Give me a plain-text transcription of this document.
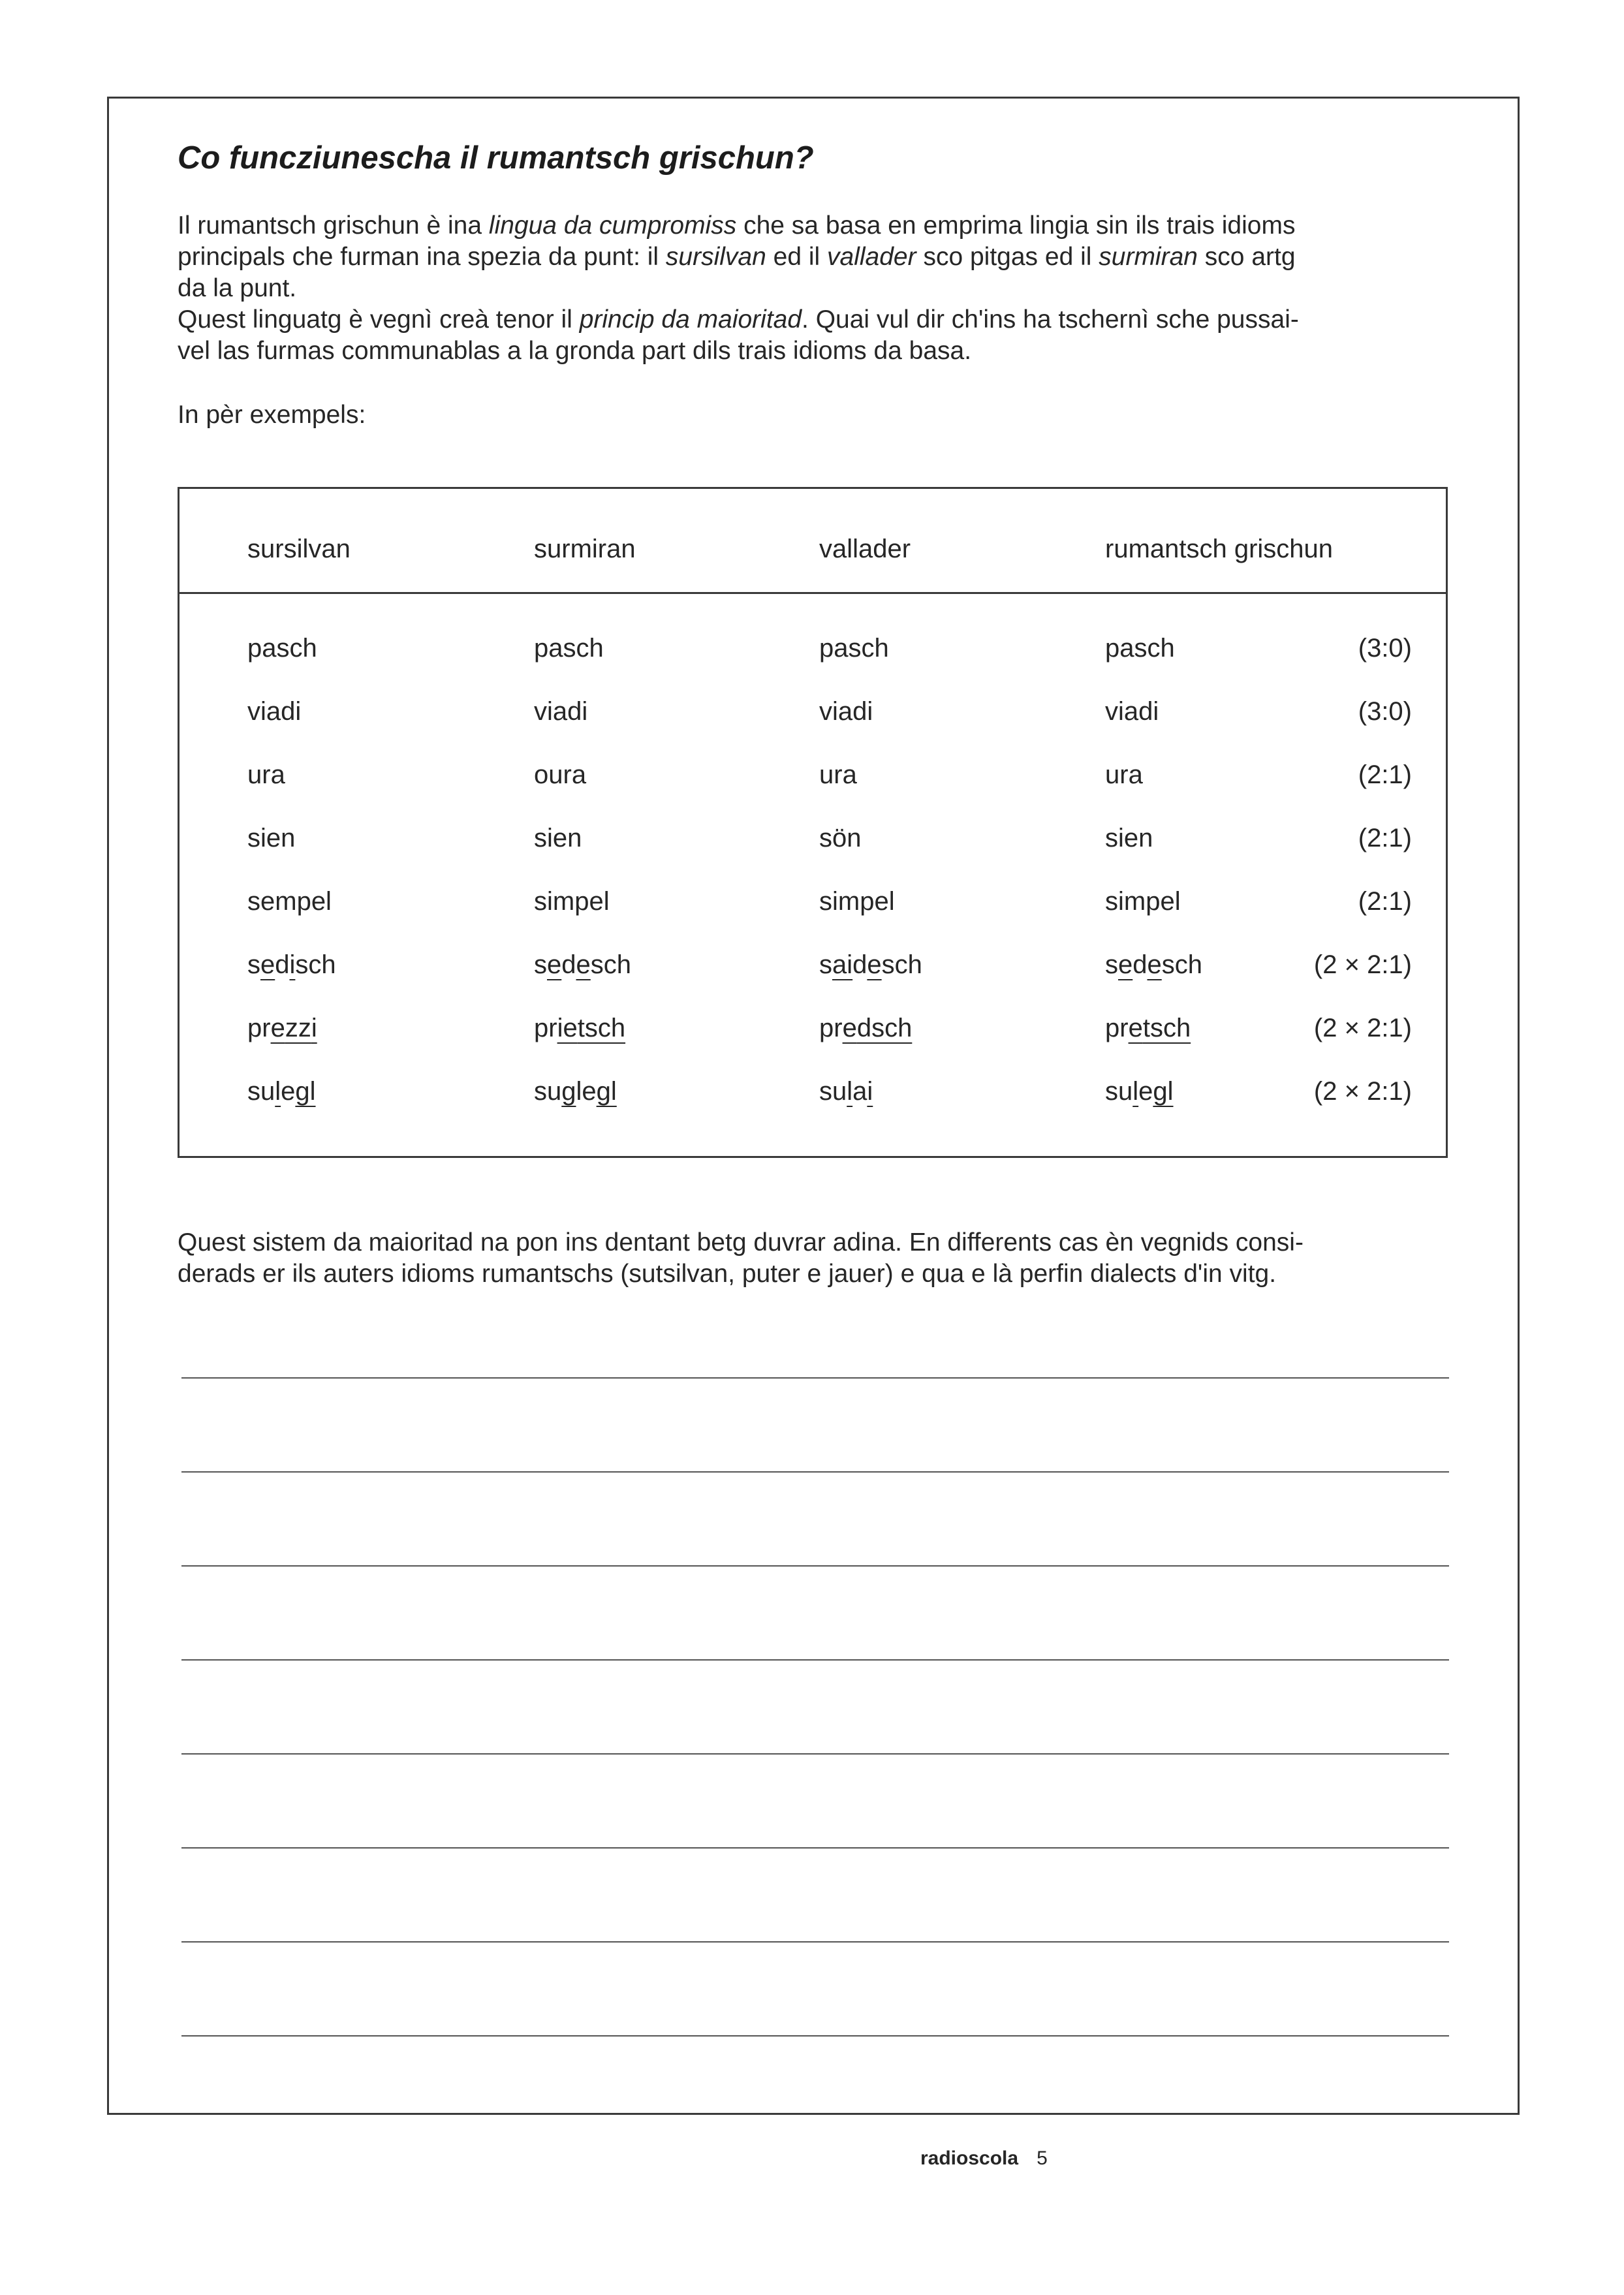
Co funcziunescha il rumantsch grischun?
Il rumantsch grischun è ina lingua da cumpromiss che sa basa en emprima lingia sin ils trais idioms
principals che furman ina spezia da punt: il sursilvan ed il vallader sco pitgas ed il surmiran sco artg
da la punt.
Quest linguatg è vegnì creà tenor il princip da maioritad. Quai vul dir ch'ins ha tschernì sche pussai-
vel las furmas communablas a la gronda part dils trais idioms da basa.

In pèr exempels:

sursilvan	surmiran	vallader	rumantsch grischun
pasch	pasch	pasch	pasch	(3:0)
viadi	viadi	viadi	viadi	(3:0)
ura	oura	ura	ura	(2:1)
sien	sien	sön	sien	(2:1)
sempel	simpel	simpel	simpel	(2:1)
sedisch	sedesch	saidesch	sedesch	(2 × 2:1)
prezzi	prietsch	predsch	pretsch	(2 × 2:1)
sulegl	suglegl	sulai	sulegl	(2 × 2:1)
Quest sistem da maioritad na pon ins dentant betg duvrar adina. En differents cas èn vegnids consi-
derads er ils auters idioms rumantschs (sutsilvan, puter e jauer) e qua e là perfin dialects d'in vitg.
radioscola 5
